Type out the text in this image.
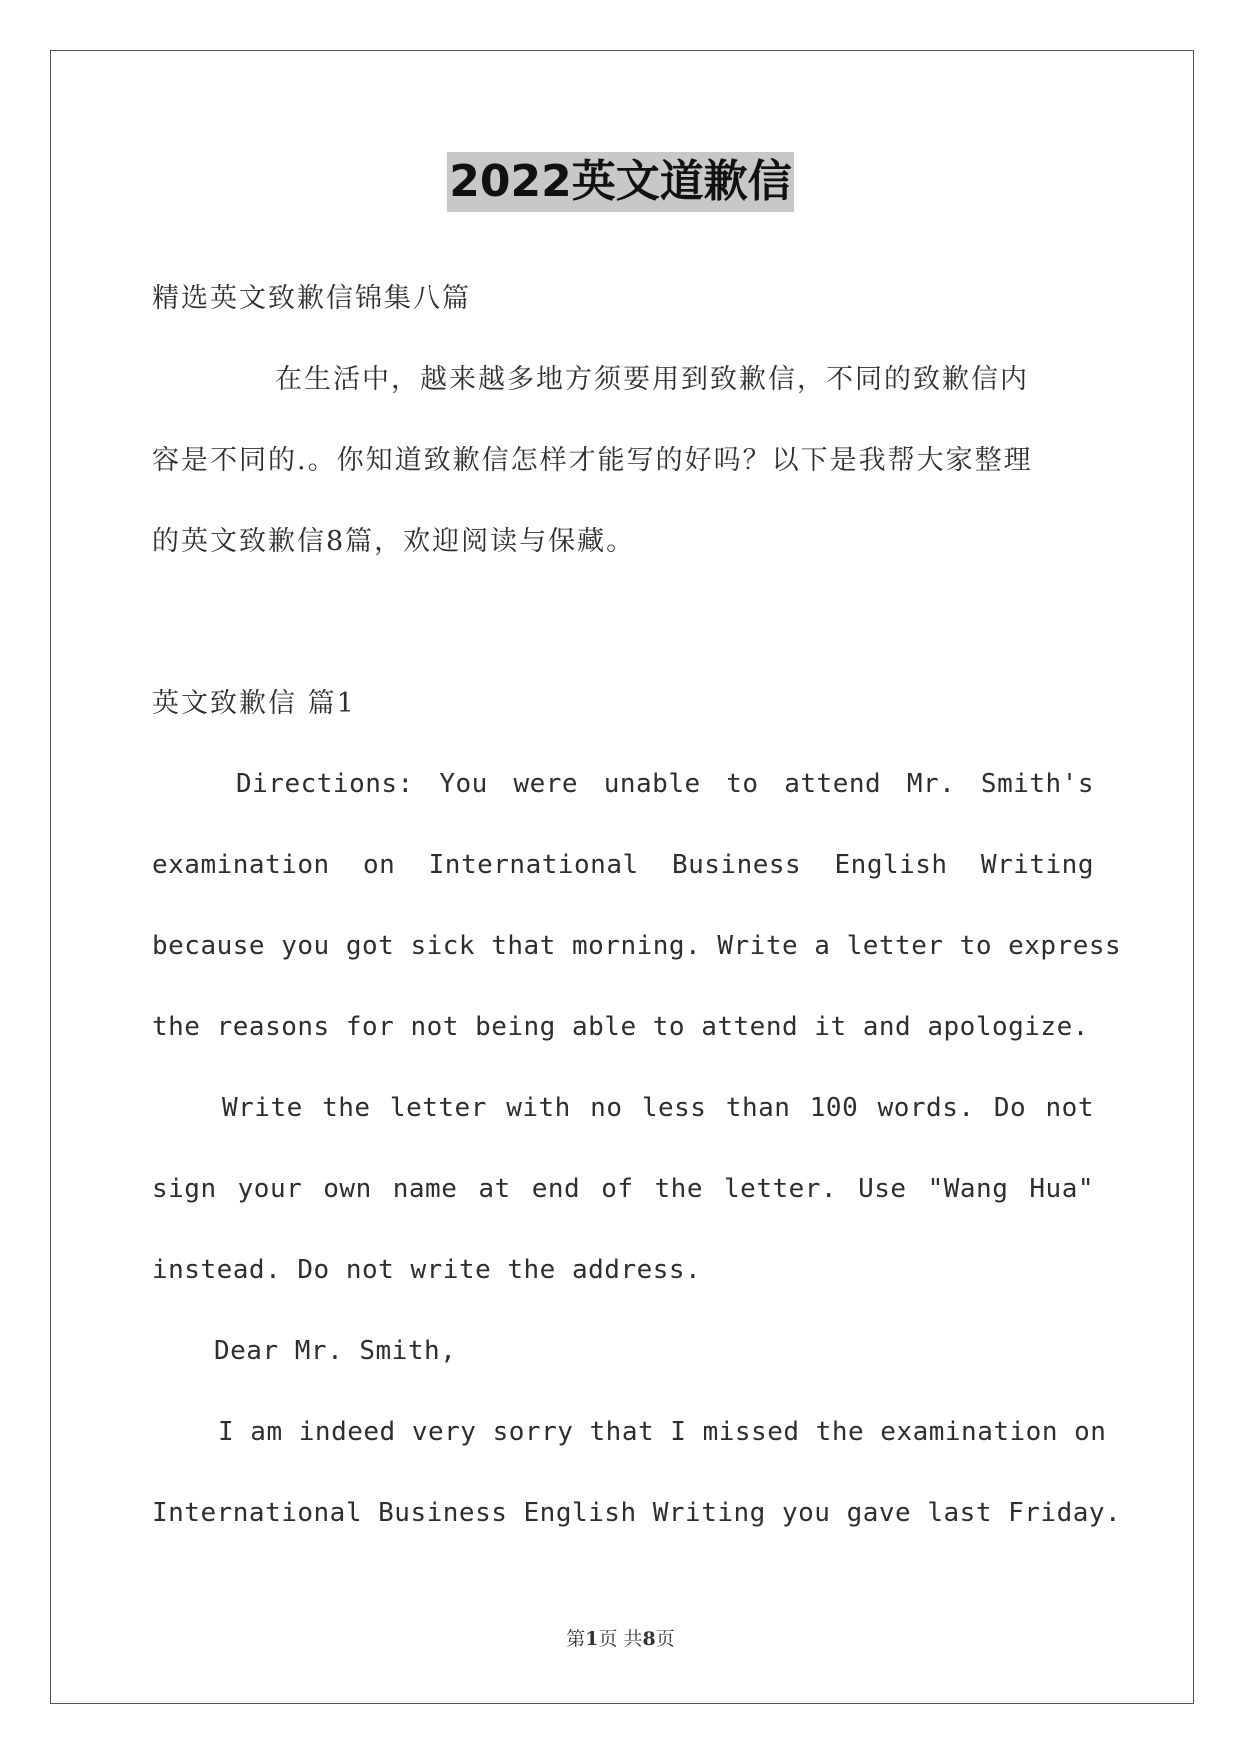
2022英文道歉信
精选英文致歉信锦集八篇
在生活中，越来越多地方须要用到致歉信，不同的致歉信内
容是不同的.。你知道致歉信怎样才能写的好吗？以下是我帮大家整理
的英文致歉信8篇，欢迎阅读与保藏。
英文致歉信 篇1
Directions: You were unable to attend Mr. Smith's
examination on International Business English Writing
because you got sick that morning. Write a letter to express
the reasons for not being able to attend it and apologize.
Write the letter with no less than 100 words. Do not
sign your own name at end of the letter. Use "Wang Hua"
instead. Do not write the address.
Dear Mr. Smith,
I am indeed very sorry that I missed the examination on
International Business English Writing you gave last Friday.
第1页 共8页
